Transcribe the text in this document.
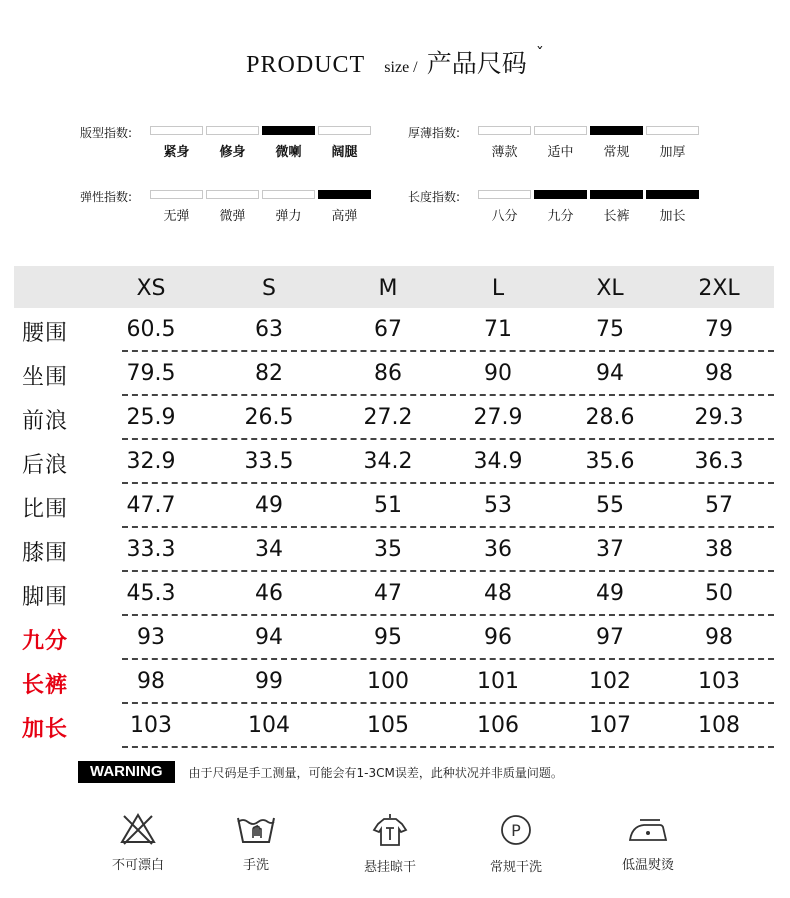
PRODUCT size / 产品尺码 ˇ
版型指数:
紧身	修身	微喇	阔腿
厚薄指数:
薄款	适中	常规	加厚
弹性指数:
无弹	微弹	弹力	高弹
长度指数:
八分	九分	长裤	加长
XS	S	M	L	XL	2XL
腰围	60.5	63	67	71	75	79
坐围	79.5	82	86	90	94	98
前浪	25.9	26.5	27.2	27.9	28.6	29.3
后浪	32.9	33.5	34.2	34.9	35.6	36.3
比围	47.7	49	51	53	55	57
膝围	33.3	34	35	36	37	38
脚围	45.3	46	47	48	49	50
九分	93	94	95	96	97	98
长裤	98	99	100	101	102	103
加长	103	104	105	106	107	108
WARNING	由于尺码是手工测量，可能会有1-3CM误差，此种状况并非质量问题。
不可漂白	手洗	悬挂晾干
P
常规干洗	低温熨烫
